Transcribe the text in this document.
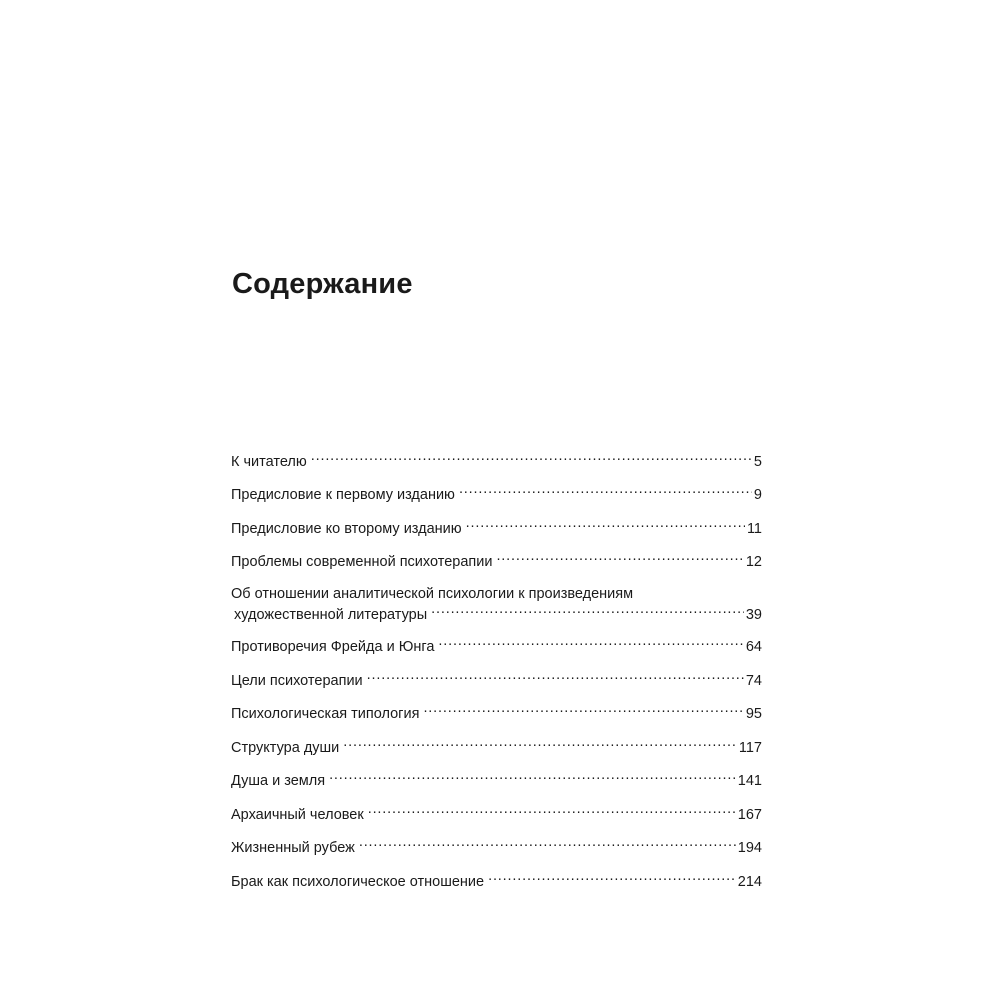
Содержание
К читателю . . .	5
Предисловие к первому изданию . . .	9
Предисловие ко второму изданию . . .	11
Проблемы современной психотерапии . . .	12
Об отношении аналитической психологии к произведениям
художественной литературы . . .	39
Противоречия Фрейда и Юнга . . .	64
Цели психотерапии . . .	74
Психологическая типология . . .	95
Структура души . . .	117
Душа и земля . . .	141
Архаичный человек . . .	167
Жизненный рубеж . . .	194
Брак как психологическое отношение . . .	214
